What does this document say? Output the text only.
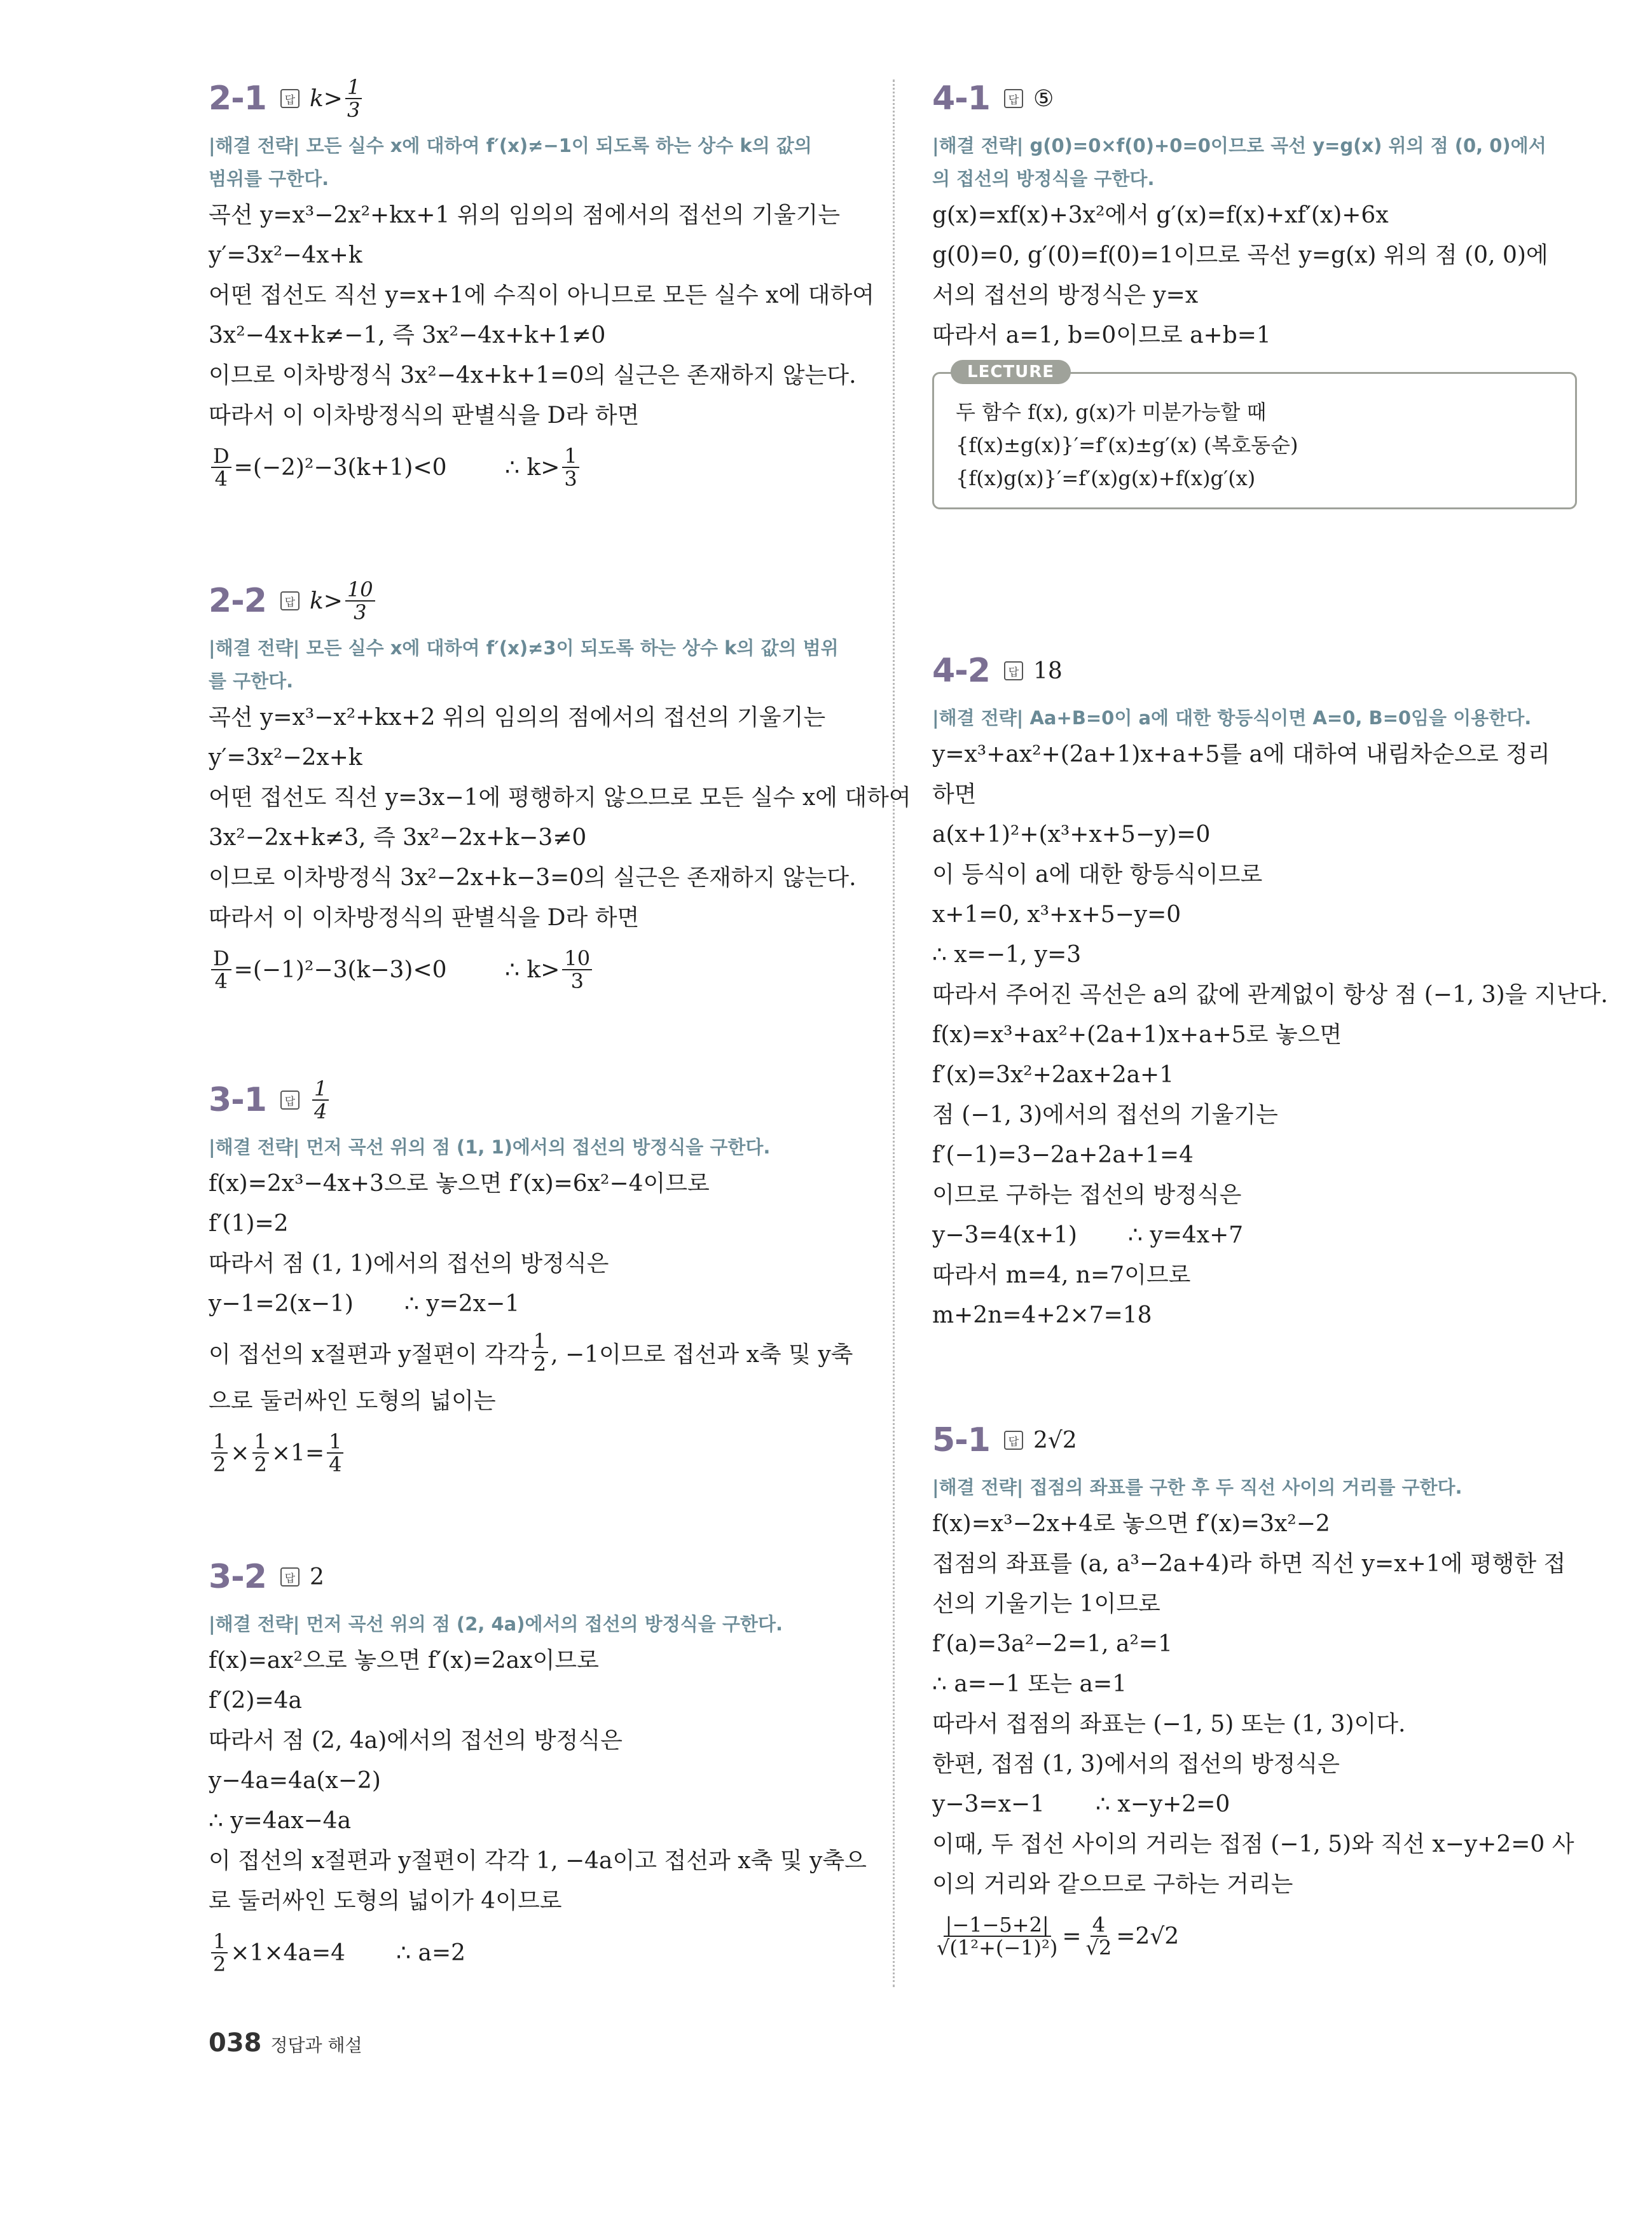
2-1	답 $k> \frac{1}{3}$
|해결 전략| 모든 실수 x에 대하여 f′(x)≠−1이 되도록 하는 상수 k의 값의
범위를 구한다.
곡선 y=x³−2x²+kx+1 위의 임의의 점에서의 접선의 기울기는
y′=3x²−4x+k
어떤 접선도 직선 y=x+1에 수직이 아니므로 모든 실수 x에 대하여
3x²−4x+k≠−1, 즉 3x²−4x+k+1≠0
이므로 이차방정식 3x²−4x+k+1=0의 실근은 존재하지 않는다.
따라서 이 이차방정식의 판별식을 D라 하면
$\frac{D}{4} =(-2)^2-3(k+1)<0$        ∴ $k> \frac{1}{3}$
2-2	답 $k> \frac{10}{3}$
|해결 전략| 모든 실수 x에 대하여 f′(x)≠3이 되도록 하는 상수 k의 값의 범위
를 구한다.
곡선 y=x³−x²+kx+2 위의 임의의 점에서의 접선의 기울기는
y′=3x²−2x+k
어떤 접선도 직선 y=3x−1에 평행하지 않으므로 모든 실수 x에 대하여
3x²−2x+k≠3, 즉 3x²−2x+k−3≠0
이므로 이차방정식 3x²−2x+k−3=0의 실근은 존재하지 않는다.
따라서 이 이차방정식의 판별식을 D라 하면
$\frac{D}{4} =(-1)^2-3(k-3)<0$        ∴ $k> \frac{10}{3}$
3-1	답 $\frac{1}{4}$
|해결 전략| 먼저 곡선 위의 점 (1, 1)에서의 접선의 방정식을 구한다.
f(x)=2x³−4x+3으로 놓으면 f′(x)=6x²−4이므로
f′(1)=2
따라서 점 (1, 1)에서의 접선의 방정식은
y−1=2(x−1)       ∴ y=2x−1
이 접선의 x절편과 y절편이 각각 $\frac{1}{2}$ , −1이므로 접선과 x축 및 y축
으로 둘러싸인 도형의 넓이는
$\frac{1}{2} \times \frac{1}{2} \times 1= \frac{1}{4}$
3-2	답 2
|해결 전략| 먼저 곡선 위의 점 (2, 4a)에서의 접선의 방정식을 구한다.
f(x)=ax²으로 놓으면 f′(x)=2ax이므로
f′(2)=4a
따라서 점 (2, 4a)에서의 접선의 방정식은
y−4a=4a(x−2)
∴ y=4ax−4a
이 접선의 x절편과 y절편이 각각 1, −4a이고 접선과 x축 및 y축으
로 둘러싸인 도형의 넓이가 4이므로
$\frac{1}{2} \times 1\times 4a=4$       ∴ a=2
4-1	답 ⑤
|해결 전략| g(0)=0×f(0)+0=0이므로 곡선 y=g(x) 위의 점 (0, 0)에서
의 접선의 방정식을 구한다.
g(x)=xf(x)+3x²에서 g′(x)=f(x)+xf′(x)+6x
g(0)=0, g′(0)=f(0)=1이므로 곡선 y=g(x) 위의 점 (0, 0)에
서의 접선의 방정식은 y=x
따라서 a=1, b=0이므로 a+b=1
LECTURE
두 함수 f(x), g(x)가 미분가능할 때
{f(x)±g(x)}′=f′(x)±g′(x) (복호동순)
{f(x)g(x)}′=f′(x)g(x)+f(x)g′(x)
4-2	답 18
|해결 전략| Aa+B=0이 a에 대한 항등식이면 A=0, B=0임을 이용한다.
y=x³+ax²+(2a+1)x+a+5를 a에 대하여 내림차순으로 정리
하면
a(x+1)²+(x³+x+5−y)=0
이 등식이 a에 대한 항등식이므로
x+1=0, x³+x+5−y=0
∴ x=−1, y=3
따라서 주어진 곡선은 a의 값에 관계없이 항상 점 (−1, 3)을 지난다.
f(x)=x³+ax²+(2a+1)x+a+5로 놓으면
f′(x)=3x²+2ax+2a+1
점 (−1, 3)에서의 접선의 기울기는
f′(−1)=3−2a+2a+1=4
이므로 구하는 접선의 방정식은
y−3=4(x+1)       ∴ y=4x+7
따라서 m=4, n=7이므로
m+2n=4+2×7=18
5-1	답 2√2
|해결 전략| 접점의 좌표를 구한 후 두 직선 사이의 거리를 구한다.
f(x)=x³−2x+4로 놓으면 f′(x)=3x²−2
접점의 좌표를 (a, a³−2a+4)라 하면 직선 y=x+1에 평행한 접
선의 기울기는 1이므로
f′(a)=3a²−2=1, a²=1
∴ a=−1 또는 a=1
따라서 접점의 좌표는 (−1, 5) 또는 (1, 3)이다.
한편, 접점 (1, 3)에서의 접선의 방정식은
y−3=x−1       ∴ x−y+2=0
이때, 두 접선 사이의 거리는 접점 (−1, 5)와 직선 x−y+2=0 사
이의 거리와 같으므로 구하는 거리는
$\frac{|-1-5+2|}{\text{√(1²+(−1)²)}} = \frac{4}{√2} =2√2$
038 정답과 해설
